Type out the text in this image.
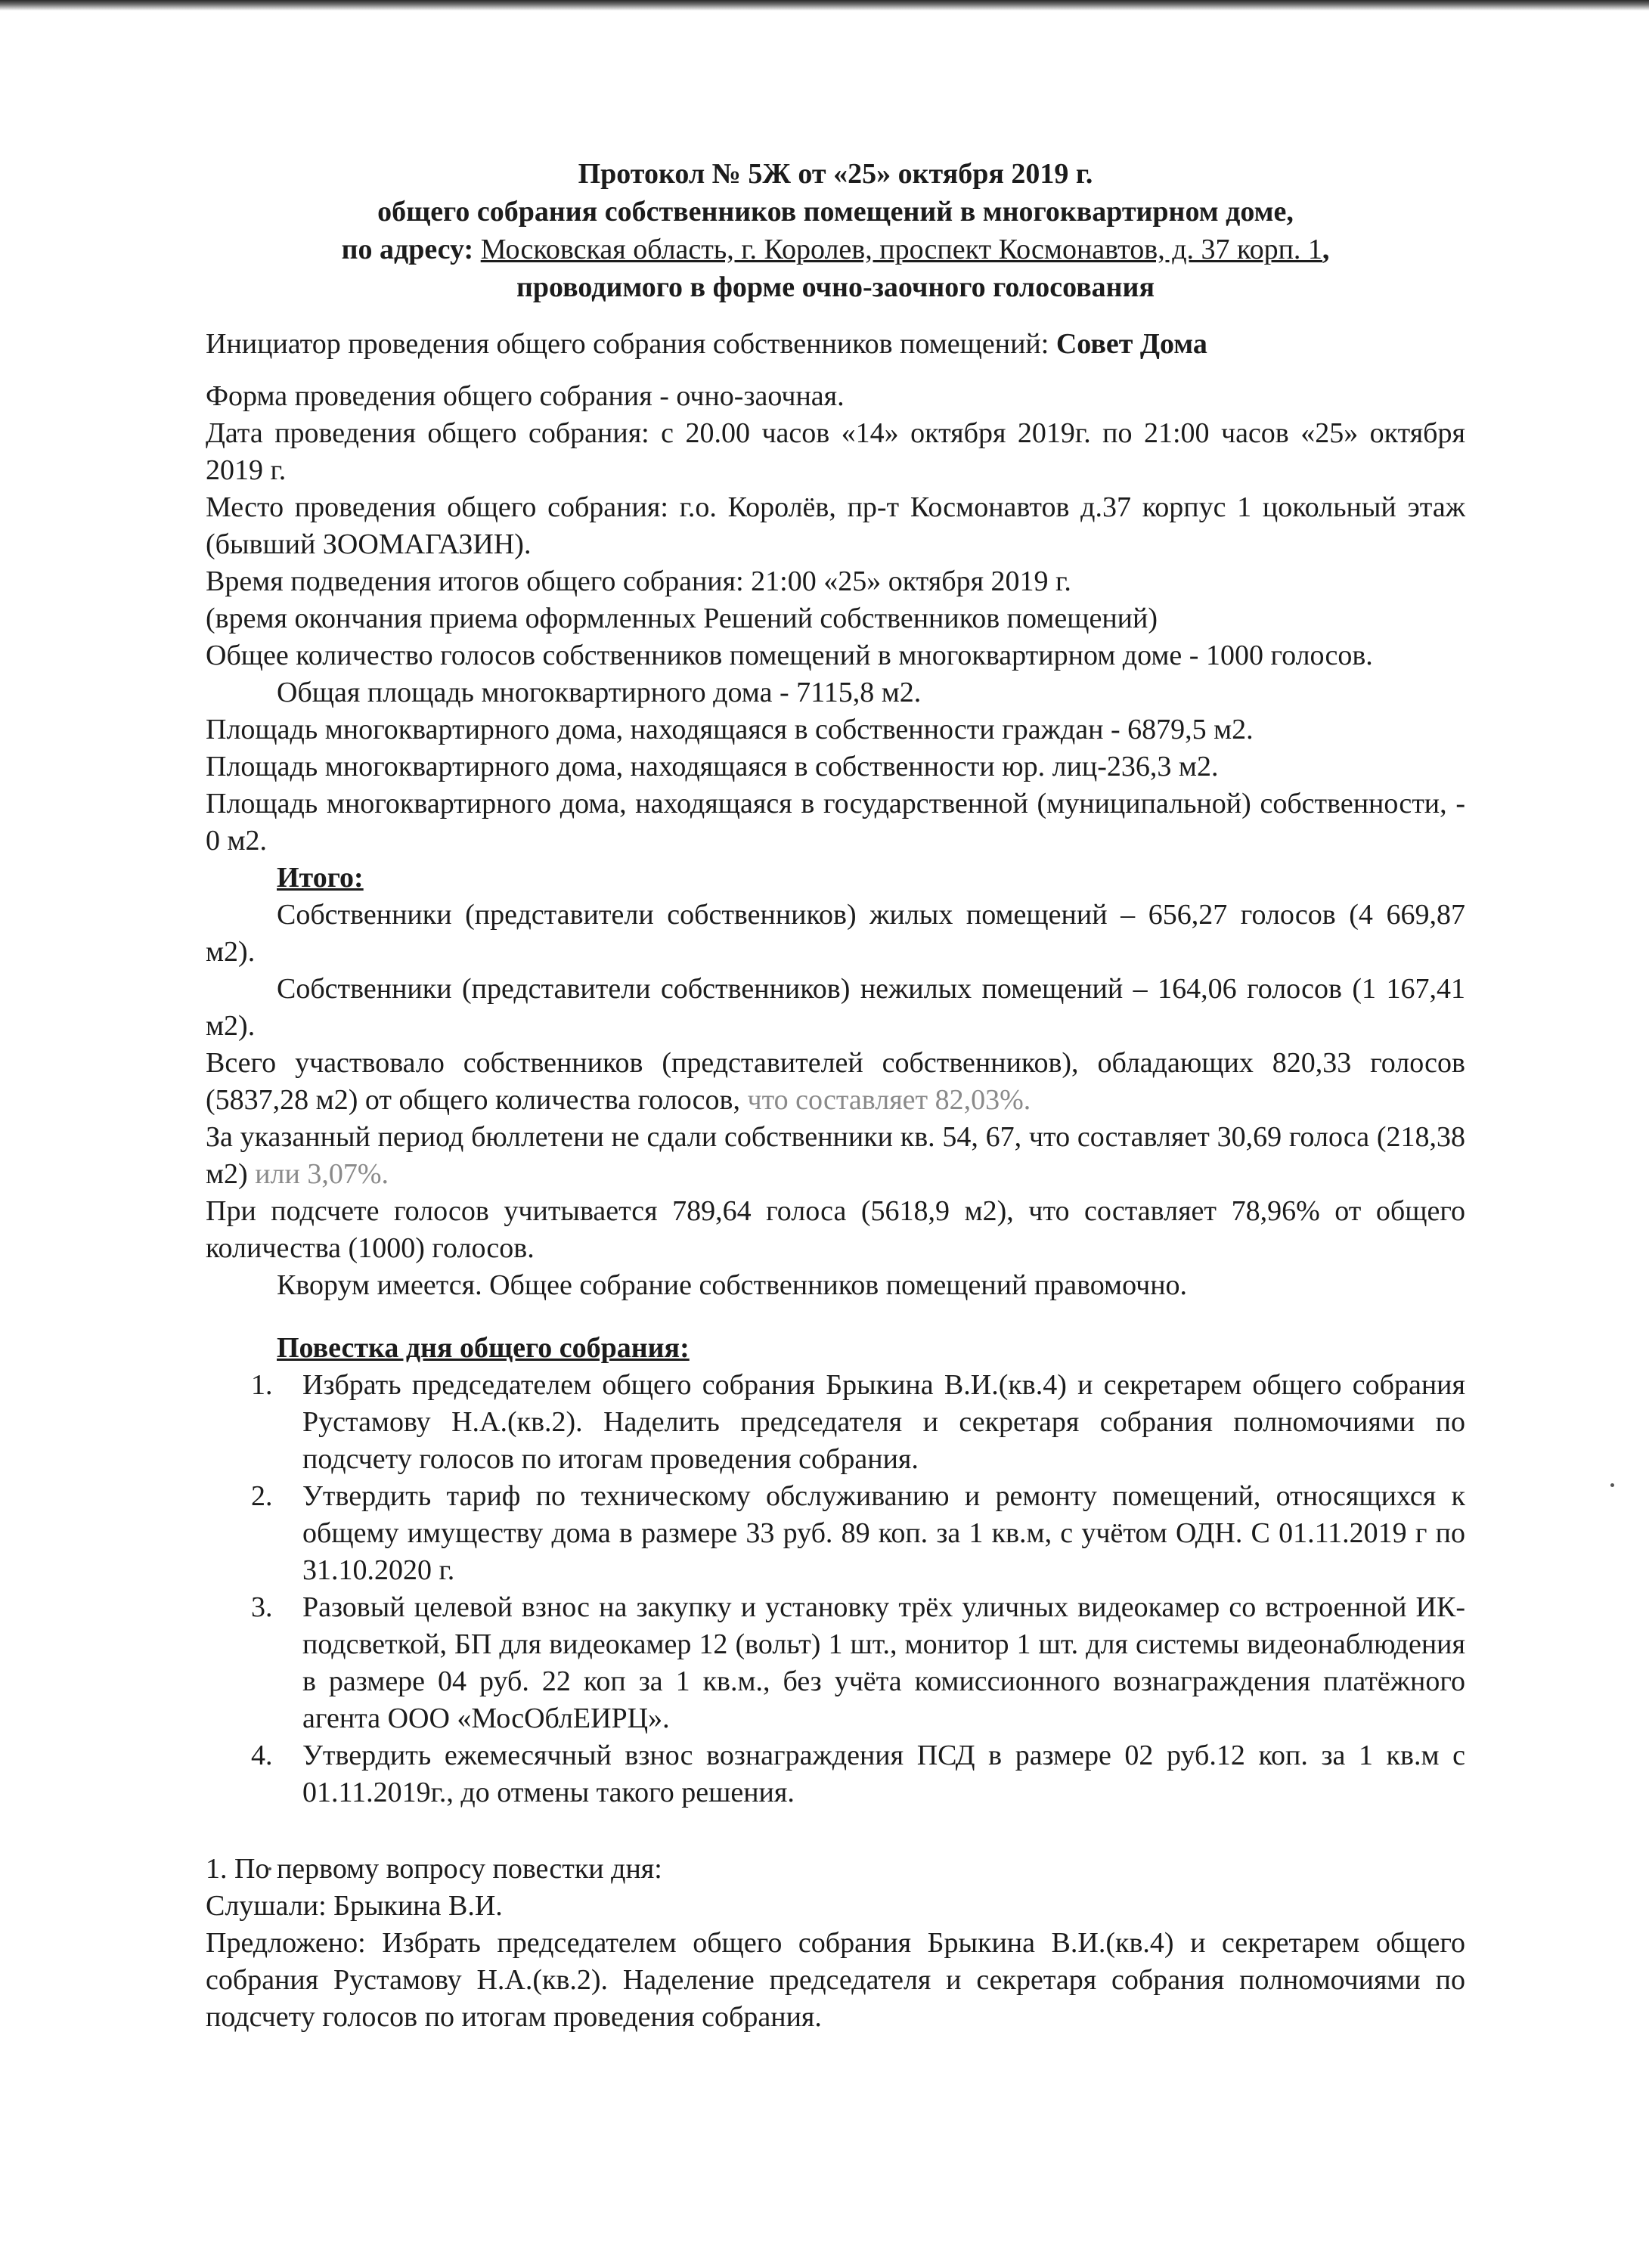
Протокол № 5Ж от «25» октября 2019 г.
общего собрания собственников помещений в многоквартирном доме,
по адресу: Московская область, г. Королев, проспект Космонавтов, д. 37 корп. 1,
проводимого в форме очно-заочного голосования
Инициатор проведения общего собрания собственников помещений: Совет Дома

Форма проведения общего собрания - очно-заочная.

Дата проведения общего собрания: с 20.00 часов «14» октября 2019г. по 21:00 часов «25» октября 2019 г.

Место проведения общего собрания: г.о. Королёв, пр-т Космонавтов д.37 корпус 1 цокольный этаж (бывший ЗООМАГАЗИН).

Время подведения итогов общего собрания: 21:00 «25» октября 2019 г.

(время окончания приема оформленных Решений собственников помещений)

Общее количество голосов собственников помещений в многоквартирном доме - 1000 голосов.

Общая площадь многоквартирного дома - 7115,8 м2.

Площадь многоквартирного дома, находящаяся в собственности граждан - 6879,5 м2.

Площадь многоквартирного дома, находящаяся в собственности юр. лиц-236,3 м2.

Площадь многоквартирного дома, находящаяся в государственной (муниципальной) собственности, - 0 м2.

Итого:

Собственники (представители собственников) жилых помещений – 656,27 голосов (4 669,87 м2).

Собственники (представители собственников) нежилых помещений – 164,06 голосов (1 167,41 м2).

Всего участвовало собственников (представителей собственников), обладающих 820,33 голосов (5837,28 м2) от общего количества голосов, что составляет 82,03%.

За указанный период бюллетени не сдали собственники кв. 54, 67, что составляет 30,69 голоса (218,38 м2) или 3,07%.

При подсчете голосов учитывается 789,64 голоса (5618,9 м2), что составляет 78,96% от общего количества (1000) голосов.

Кворум имеется. Общее собрание собственников помещений правомочно.

Повестка дня общего собрания:
1. Избрать председателем общего собрания Брыкина В.И.(кв.4) и секретарем общего собрания Рустамову Н.А.(кв.2). Наделить председателя и секретаря собрания полномочиями по подсчету голосов по итогам проведения собрания.
2. Утвердить тариф по техническому обслуживанию и ремонту помещений, относящихся к общему имуществу дома в размере 33 руб. 89 коп. за 1 кв.м, с учётом ОДН. С 01.11.2019 г по 31.10.2020 г.
3. Разовый целевой взнос на закупку и установку трёх уличных видеокамер со встроенной ИК-подсветкой, БП для видеокамер 12 (вольт) 1 шт., монитор 1 шт. для системы видеонаблюдения в размере 04 руб. 22 коп за 1 кв.м., без учёта комиссионного вознаграждения платёжного агента ООО «МосОблЕИРЦ».
4. Утвердить ежемесячный взнос вознаграждения ПСД в размере 02 руб.12 коп. за 1 кв.м с 01.11.2019г., до отмены такого решения.

1. По первому вопросу повестки дня:

Слушали: Брыкина В.И.

Предложено: Избрать председателем общего собрания Брыкина В.И.(кв.4) и секретарем общего собрания Рустамову Н.А.(кв.2). Наделение председателя и секретаря собрания полномочиями по подсчету голосов по итогам проведения собрания.
